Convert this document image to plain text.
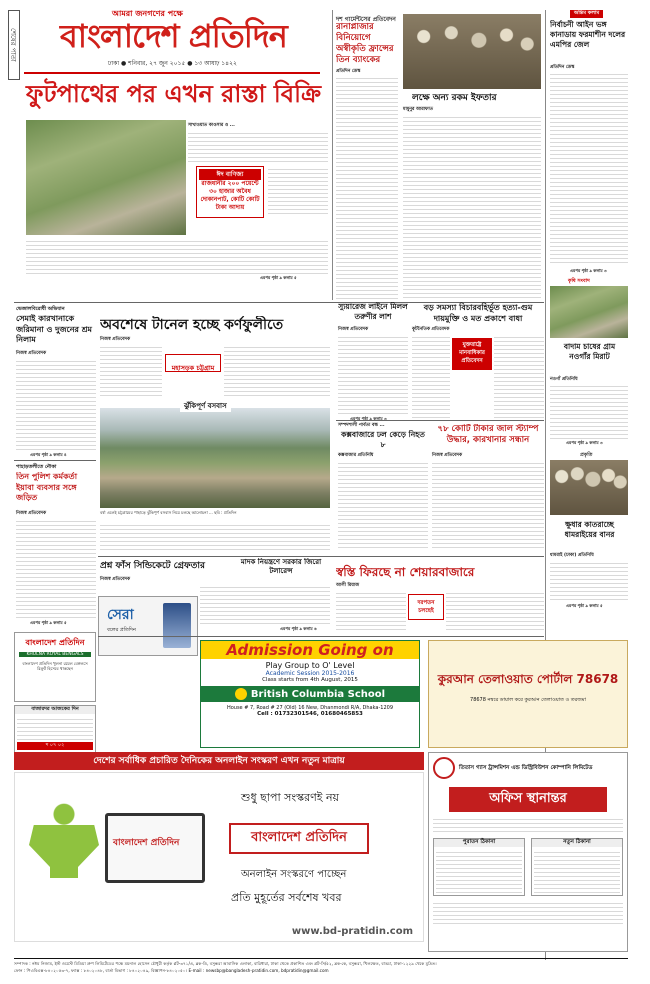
শেষের পাতা
আমরা জনগণের পক্ষে
বাংলাদেশ প্রতিদিন
ঢাকা ● শনিবার, ২৭ জুন ২০১৫ ● ১৩ আষাঢ় ১৪২২
ফুটপাথের পর এখন রাস্তা বিক্রি
ঈদ বাণিজ্য
রাজধানীর ২০০ পয়েন্টে ৩০ হাজার অবৈধ দোকানপাট, কোটি কোটি টাকা আদায়
সাখাওয়াত কাওসার ও ...
এরপর পৃষ্ঠা ৯ কলাম ৫
দশ গার্মেন্টসের প্রতিবেদন
রানাপ্লাজার বিনিয়োগে অস্বীকৃতি ফ্রান্সের তিন ব্যাংকের
প্রতিদিন ডেস্ক
লক্ষে অন্য রকম ইফতার
মামুনুর আরাফাত
অন্তিম কলাম
নির্বাচনী আইন ভঙ্গ কানাডায় ফরমাশীন দলের এমপির জেল
প্রতিদিন ডেস্ক
এরপর পৃষ্ঠা ৯ কলাম ৩
কৃষি সংবাদ
বাদাম চাষের গ্রাম নওগাঁর মিরাট
নওগাঁ প্রতিনিধি
এরপর পৃষ্ঠা ৯ কলাম ৩
প্রকৃতি
ক্ষুধার কাতরাচ্ছে ধামরাইয়ের বানর
ধামরাই (ঢাকা) প্রতিনিধি
এরপর পৃষ্ঠা ৯ কলাম ৫
ভেজালবিরোধী অভিযান
সেমাই কারখানাকে জরিমানা ও দুজনের শ্রম নিলাম
নিজস্ব প্রতিবেদক
এরপর পৃষ্ঠা ৯ কলাম ৪
পাহাড়তলীতে নৌকা
তিন পুলিশ কর্মকর্তা ইয়াবা ব্যবসার সঙ্গে জড়িত
নিজস্ব প্রতিবেদক
এরপর পৃষ্ঠা ৯ কলাম ৫
বাংলাদেশ প্রতিদিন
KHULNA ROYAL BENGALS
বাংলাদেশ প্রতিদিন খুলনা রয়েল বেঙ্গলসে রিক্রুট হিসেবে থাকছেন
বাজারদর আজকের দিন
দ ০৭ ০২
সেরা
বলের প্রতিদিন
অবশেষে টানেল হচ্ছে কর্ণফুলীতে
নিজস্ব প্রতিবেদক
মহাসড়ক চট্টগ্রাম
ঝুঁকিপূর্ণ বসবাস
বর্ষা এলেই চট্টগ্রামের পাহাড়ে ঝুঁকিপূর্ণ বসবাস নিয়ে চলছে আলোচনা ... ছবি : প্রতিদিন
স্যুয়ারেজ লাইনে মিলল তরুণীর লাশ
নিজস্ব প্রতিবেদক
এরপর পৃষ্ঠা ৯ কলাম ৩
বড় সমস্যা বিচারবহির্ভূত হত্যা-গুম দায়মুক্তি ও মত প্রকাশে বাধা
কূটনৈতিক প্রতিবেদক
যুক্তরাষ্ট্রে মানবাধিকার প্রতিবেদন
সম্পদশালী পার্বত্য বন্ধ ...
কক্সবাজারে ঢল কেড়ে নিহত ৮
কক্সবাজার প্রতিনিধি
৭৮ কোটি টাকার জাল স্ট্যাম্প উদ্ধার, কারখানার সন্ধান
নিজস্ব প্রতিবেদক
প্রশ্ন ফাঁস সিন্ডিকেটে গ্রেফতার
নিজস্ব প্রতিবেদক
এরপর পৃষ্ঠা ৯ কলাম ৬
মাদক নিয়ন্ত্রণে সরকার জিরো টলারেন্স	স্বস্তি ফিরছে না শেয়ারবাজারে
আলী রিয়াজ
দরপতন চলছেই
Admission Going on
Play Group to O' Level
Academic Session 2015-2016
Class starts from 4th August, 2015
British Columbia School
House # 7, Road # 27 (Old) 16 New, Dhanmondi R/A, Dhaka-1209
Cell : 01732301546, 01680465853
কুরআন তেলাওয়াত পোর্টাল 78678
78678 নম্বরে ডায়াল করে কুরআন তেলাওয়াত ও তরজমা
দেশের সর্বাধিক প্রচারিত দৈনিকের অনলাইন সংস্করণ এখন নতুন মাত্রায়
বাংলাদেশ প্রতিদিন
শুধু ছাপা সংস্করণই নয়
বাংলাদেশ প্রতিদিন
অনলাইন সংস্করণে পাচ্ছেন
প্রতি মুহূর্তের সর্বশেষ খবর
www.bd-pratidin.com
তিতাস গ্যাস ট্রান্সমিশন এন্ড ডিস্ট্রিবিউশন কোম্পানি লিমিটেড
অফিস স্থানান্তর
পুরাতন ঠিকানা	নতুন ঠিকানা
সম্পাদক : নঈম নিজাম, ইস্ট ওয়েস্ট মিডিয়া গ্রুপ লিমিটেডের পক্ষে ময়নাল হোসেন চৌধুরী কর্তৃক প্লট-৩৭১/এ, ব্লক-ডি, বসুন্ধরা আবাসিক এলাকা, বারিধারা, ঢাকা থেকে প্রকাশিত এবং প্লট-সি/৫২, ব্লক-কে, বসুন্ধরা, খিলক্ষেত, বাড্ডা, ঢাকা-১২২৯ থেকে মুদ্রিত।
ফোন : পিএবিএক্স-৮৪০২০৫৩-৭, ফ্যাক্স : ৮৪০২০৪৮, বার্তা বিভাগ : ৮৪০২০৪৯, বিজ্ঞাপন-৮৪০২০৫০। E-mail : newsbp@bangladesh-pratidin.com, bdpratidin@gmail.com
